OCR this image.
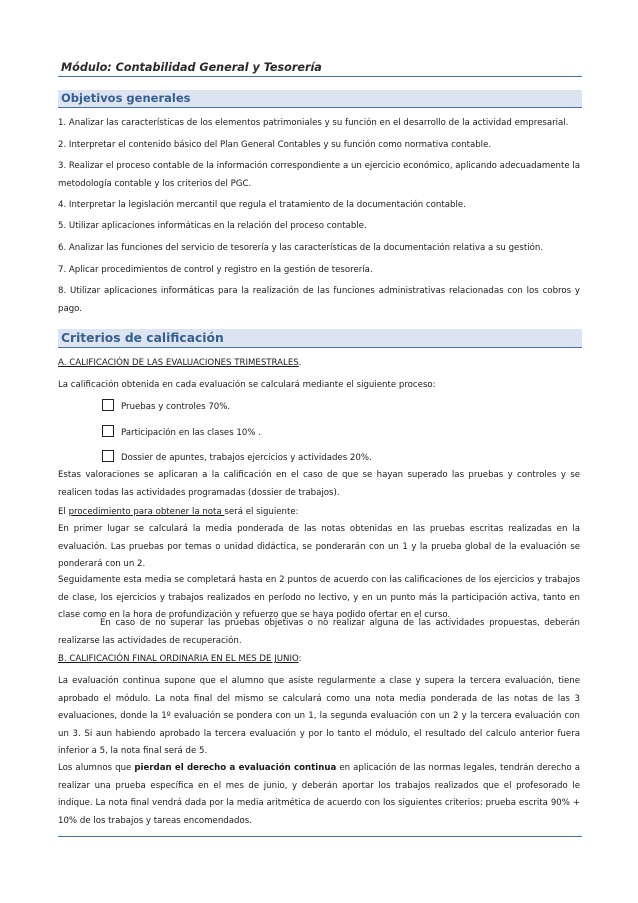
Módulo: Contabilidad General y Tesorería
Objetivos generales
1. Analizar las características de los elementos patrimoniales y su función en el desarrollo de la actividad empresarial.
2. Interpretar el contenido básico del Plan General Contables y su función como normativa contable.
3. Realizar el proceso contable de la información correspondiente a un ejercicio económico, aplicando adecuadamente la metodología contable y los criterios del PGC.
4. Interpretar la legislación mercantil que regula el tratamiento de la documentación contable.
5. Utilizar aplicaciones informáticas en la relación del proceso contable.
6. Analizar las funciones del servicio de tesorería y las características de la documentación relativa a su gestión.
7. Aplicar procedimientos de control y registro en la gestión de tesorería.
8. Utilizar aplicaciones informáticas para la realización de las funciones administrativas relacionadas con los cobros y pago.
Criterios de calificación
A. CALIFICACIÓN DE LAS EVALUACIONES TRIMESTRALES.
La calificación obtenida en cada evaluación se calculará mediante el siguiente proceso:
Pruebas y controles 70%.
Participación en las clases 10% .
Dossier de apuntes, trabajos ejercicios y actividades 20%.
Estas valoraciones se aplicaran a la calificación en el caso de que se hayan superado las pruebas y controles y se realicen todas las actividades programadas (dossier de trabajos).
El procedimiento para obtener la nota será el siguiente:
En primer lugar se calculará la media ponderada de las notas obtenidas en las pruebas escritas realizadas en la evaluación. Las pruebas por temas o unidad didáctica, se ponderarán con un 1 y la prueba global de la evaluación se ponderará con un 2.
Seguidamente esta media se completará hasta en 2 puntos de acuerdo con las calificaciones de los ejercicios y trabajos de clase, los ejercicios y trabajos realizados en período no lectivo, y en un punto más la participación activa, tanto en clase como en la hora de profundización y refuerzo que se haya podido ofertar en el curso.
En caso de no superar las pruebas objetivas o no realizar alguna de las actividades propuestas, deberán realizarse las actividades de recuperación.
B. CALIFICACIÓN FINAL ORDINARIA EN EL MES DE JUNIO:
La evaluación continua supone que el alumno que asiste regularmente a clase y supera la tercera evaluación, tiene aprobado el módulo. La nota final del mismo se calculará como una nota media ponderada de las notas de las 3 evaluaciones, donde la 1º evaluación se pondera con un 1, la segunda evaluación con un 2 y la tercera evaluación con un 3. Si aun habiendo aprobado la tercera evaluación y por lo tanto el módulo, el resultado del calculo anterior fuera inferior a 5, la nota final será de 5.
Los alumnos que pierdan el derecho a evaluación continua en aplicación de las normas legales, tendrán derecho a realizar una prueba específica en el mes de junio, y deberán aportar los trabajos realizados que el profesorado le indique. La nota final vendrá dada por la media aritmética de acuerdo con los siguientes criterios: prueba escrita 90% + 10% de los trabajos y tareas encomendados.
